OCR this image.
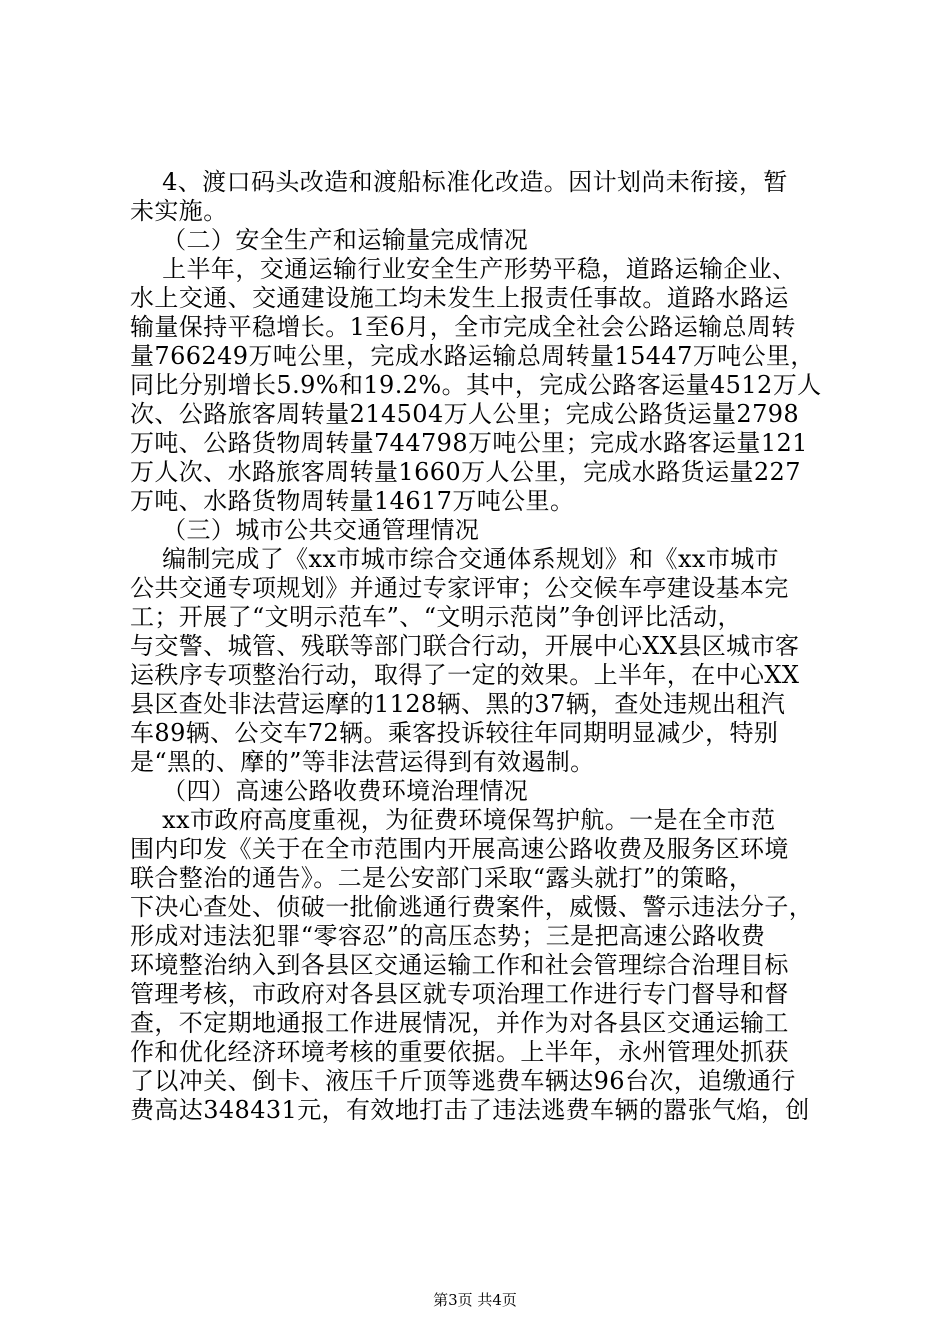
4、渡口码头改造和渡船标准化改造。因计划尚未衔接，暂
未实施。
（二）安全生产和运输量完成情况
上半年，交通运输行业安全生产形势平稳，道路运输企业、
水上交通、交通建设施工均未发生上报责任事故。道路水路运
输量保持平稳增长。1至6月，全市完成全社会公路运输总周转
量766249万吨公里，完成水路运输总周转量15447万吨公里，
同比分别增长5.9%和19.2%。其中，完成公路客运量4512万人
次、公路旅客周转量214504万人公里；完成公路货运量2798
万吨、公路货物周转量744798万吨公里；完成水路客运量121
万人次、水路旅客周转量1660万人公里，完成水路货运量227
万吨、水路货物周转量14617万吨公里。
（三）城市公共交通管理情况
编制完成了《xx市城市综合交通体系规划》和《xx市城市
公共交通专项规划》并通过专家评审；公交候车亭建设基本完
工；开展了“文明示范车”、“文明示范岗”争创评比活动，
与交警、城管、残联等部门联合行动，开展中心XX县区城市客
运秩序专项整治行动，取得了一定的效果。上半年，在中心XX
县区查处非法营运摩的1128辆、黑的37辆，查处违规出租汽
车89辆、公交车72辆。乘客投诉较往年同期明显减少，特别
是“黑的、摩的”等非法营运得到有效遏制。
（四）高速公路收费环境治理情况
xx市政府高度重视，为征费环境保驾护航。一是在全市范
围内印发《关于在全市范围内开展高速公路收费及服务区环境
联合整治的通告》。二是公安部门采取“露头就打”的策略，
下决心查处、侦破一批偷逃通行费案件，威慑、警示违法分子，
形成对违法犯罪“零容忍”的高压态势；三是把高速公路收费
环境整治纳入到各县区交通运输工作和社会管理综合治理目标
管理考核，市政府对各县区就专项治理工作进行专门督导和督
查，不定期地通报工作进展情况，并作为对各县区交通运输工
作和优化经济环境考核的重要依据。上半年，永州管理处抓获
了以冲关、倒卡、液压千斤顶等逃费车辆达96台次，追缴通行
费高达348431元，有效地打击了违法逃费车辆的嚣张气焰，创
第3页 共4页
